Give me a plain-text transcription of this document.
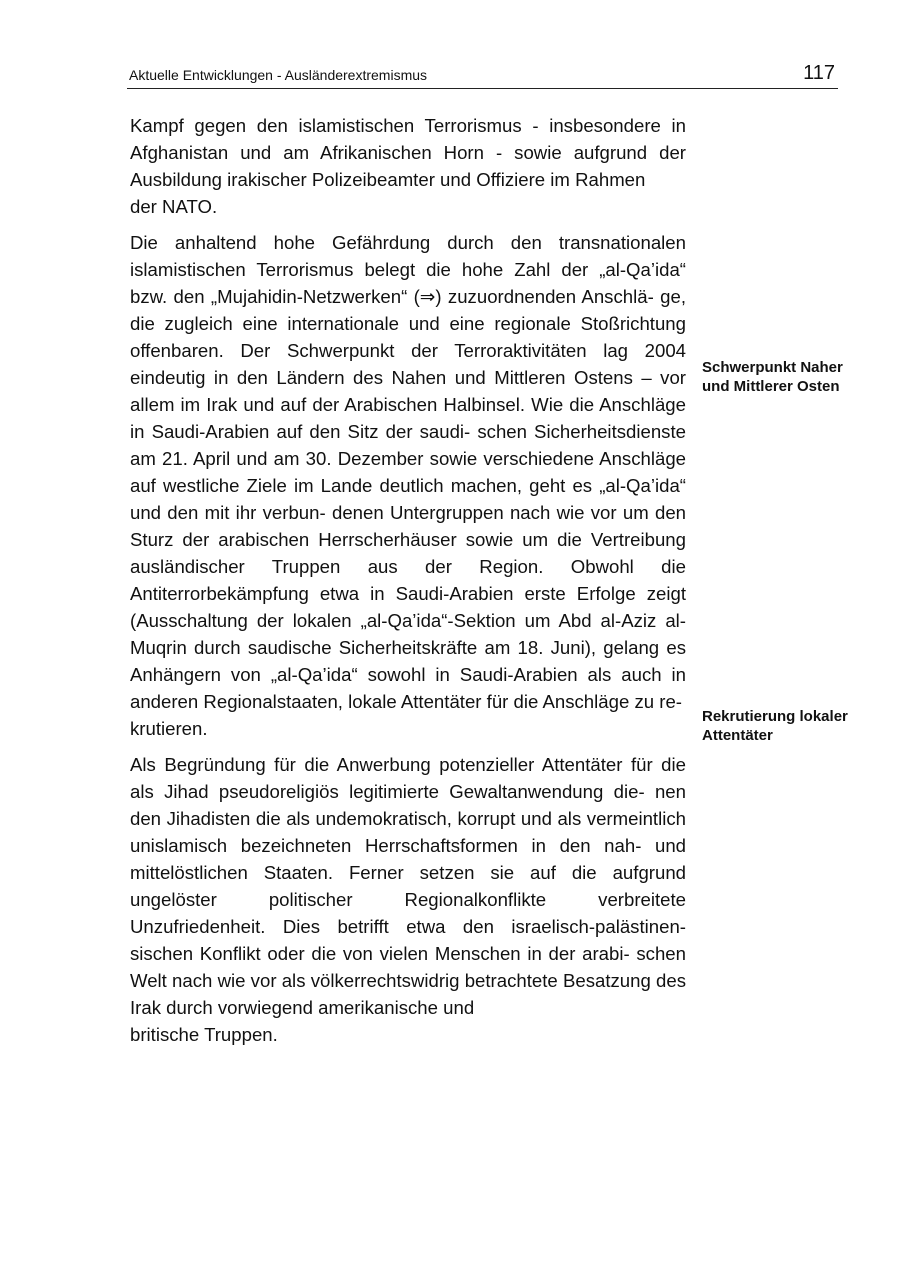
Aktuelle Entwicklungen - Ausländerextremismus	117

Kampf gegen den islamistischen Terrorismus - insbesondere in Afghanistan und am Afrikanischen Horn - sowie aufgrund der Ausbildung irakischer Polizeibeamter und Offiziere im Rahmen
der NATO.

Die anhaltend hohe Gefährdung durch den transnationalen islamistischen Terrorismus belegt die hohe Zahl der „al-Qa’ida“ bzw. den „Mujahidin-Netzwerken“ (⇒) zuzuordnenden Anschlä- ge, die zugleich eine internationale und eine regionale Stoßrichtung offenbaren. Der Schwerpunkt der Terroraktivitäten lag 2004 eindeutig in den Ländern des Nahen und Mittleren Ostens – vor allem im Irak und auf der Arabischen Halbinsel. Wie die Anschläge in Saudi-Arabien auf den Sitz der saudi- schen Sicherheitsdienste am 21. April und am 30. Dezember sowie verschiedene Anschläge auf westliche Ziele im Lande deutlich machen, geht es „al-Qa’ida“ und den mit ihr verbun- denen Untergruppen nach wie vor um den Sturz der arabischen Herrscherhäuser sowie um die Vertreibung ausländischer Truppen aus der Region. Obwohl die Antiterrorbekämpfung etwa in Saudi-Arabien erste Erfolge zeigt (Ausschaltung der lokalen „al-Qa’ida“-Sektion um Abd al-Aziz al-Muqrin durch saudische Sicherheitskräfte am 18. Juni), gelang es Anhängern von „al-Qa’ida“ sowohl in Saudi-Arabien als auch in anderen Regionalstaaten, lokale Attentäter für die Anschläge zu re-
krutieren.

Als Begründung für die Anwerbung potenzieller Attentäter für die als Jihad pseudoreligiös legitimierte Gewaltanwendung die- nen den Jihadisten die als undemokratisch, korrupt und als vermeintlich unislamisch bezeichneten Herrschaftsformen in den nah- und mittelöstlichen Staaten. Ferner setzen sie auf die aufgrund ungelöster politischer Regionalkonflikte verbreitete Unzufriedenheit. Dies betrifft etwa den israelisch-palästinen- sischen Konflikt oder die von vielen Menschen in der arabi- schen Welt nach wie vor als völkerrechtswidrig betrachtete Besatzung des Irak durch vorwiegend amerikanische und
britische Truppen.

Schwerpunkt Naher
und Mittlerer Osten
Rekrutierung lokaler
Attentäter
